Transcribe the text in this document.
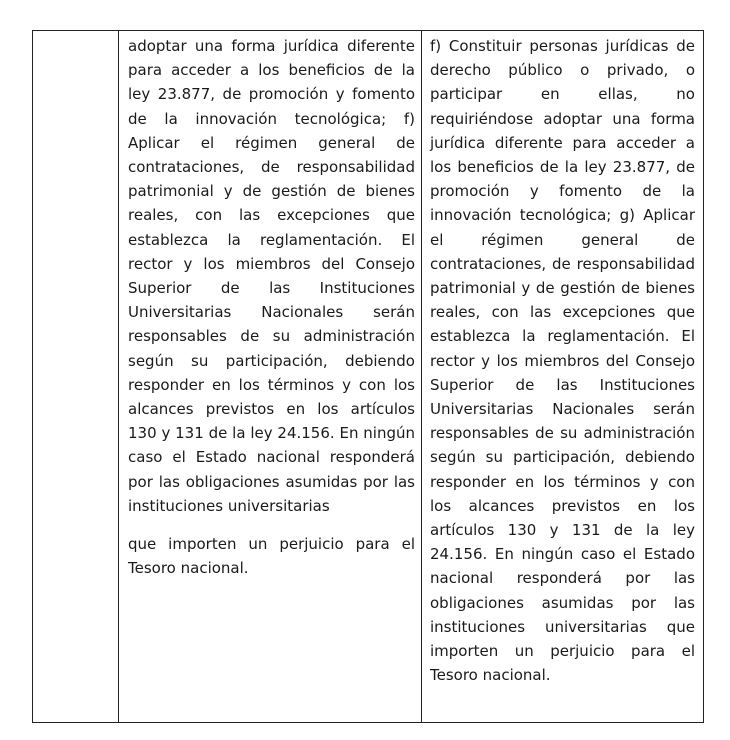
adoptar una forma jurídica diferente para acceder a los beneficios de la ley 23.877, de promoción y fomento de la innovación tecnológica; f) Aplicar el régimen general de contrataciones, de responsabilidad patrimonial y de gestión de bienes reales, con las excepciones que establezca la reglamentación. El rector y los miembros del Consejo Superior de las Instituciones Universitarias Nacionales serán responsables de su administración según su participación, debiendo responder en los términos y con los alcances previstos en los artículos 130 y 131 de la ley 24.156. En ningún caso el Estado nacional responderá por las obligaciones asumidas por las instituciones universitarias

que importen un perjuicio para el Tesoro nacional.

f) Constituir personas jurídicas de derecho público o privado, o participar en ellas, no requiriéndose adoptar una forma jurídica diferente para acceder a los beneficios de la ley 23.877, de promoción y fomento de la innovación tecnológica; g) Aplicar el régimen general de contrataciones, de responsabilidad patrimonial y de gestión de bienes reales, con las excepciones que establezca la reglamentación. El rector y los miembros del Consejo Superior de las Instituciones Universitarias Nacionales serán responsables de su administración según su participación, debiendo responder en los términos y con los alcances previstos en los artículos 130 y 131 de la ley 24.156. En ningún caso el Estado nacional responderá por las obligaciones asumidas por las instituciones universitarias que importen un perjuicio para el Tesoro nacional.
